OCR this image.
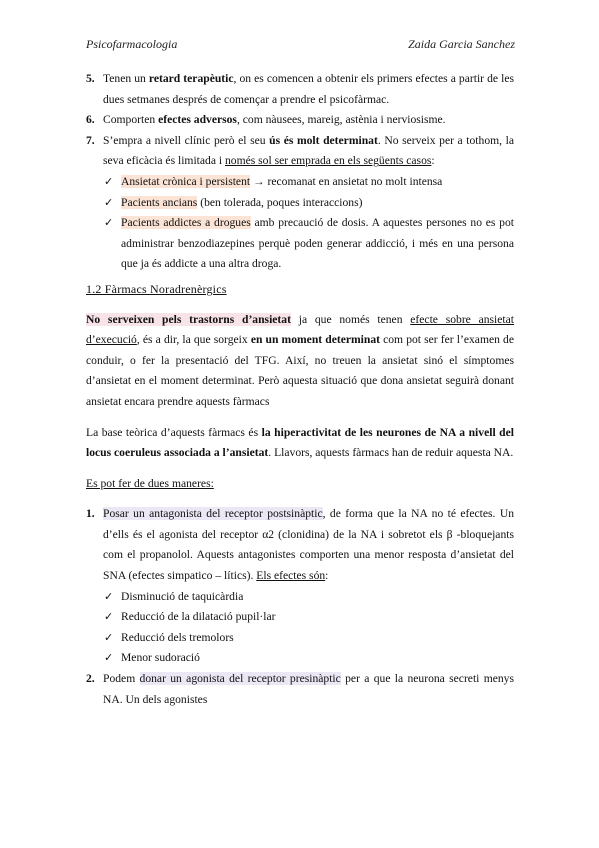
Psicofarmacologia	Zaida Garcia Sanchez
5. Tenen un retard terapèutic, on es comencen a obtenir els primers efectes a partir de les dues setmanes després de començar a prendre el psicofàrmac.
6. Comporten efectes adversos, com nàusees, mareig, astènia i nerviosisme.
7. S’empra a nivell clínic però el seu ús és molt determinat. No serveix per a tothom, la seva eficàcia és limitada i només sol ser emprada en els següents casos:
✓ Ansietat crònica i persistent → recomanat en ansietat no molt intensa
✓ Pacients ancians (ben tolerada, poques interaccions)
✓ Pacients addictes a drogues amb precaució de dosis. A aquestes persones no es pot administrar benzodiazepines perquè poden generar addicció, i més en una persona que ja és addicte a una altra droga.
1.2 Fàrmacs Noradrenèrgics

No serveixen pels trastorns d’ansietat ja que només tenen efecte sobre ansietat d’execució, és a dir, la que sorgeix en un moment determinat com pot ser fer l’examen de conduir, o fer la presentació del TFG. Així, no treuen la ansietat sinó el símptomes d’ansietat en el moment determinat. Però aquesta situació que dona ansietat seguirà donant ansietat encara prendre aquests fàrmacs

La base teòrica d’aquests fàrmacs és la hiperactivitat de les neurones de NA a nivell del locus coeruleus associada a l’ansietat. Llavors, aquests fàrmacs han de reduir aquesta NA.

Es pot fer de dues maneres:

1. Posar un antagonista del receptor postsinàptic, de forma que la NA no té efectes. Un d’ells és el agonista del receptor α2 (clonidina) de la NA i sobretot els β -bloquejants com el propanolol. Aquests antagonistes comporten una menor resposta d’ansietat del SNA (efectes simpatico – lítics). Els efectes són:
✓ Disminució de taquicàrdia
✓ Reducció de la dilatació pupil·lar
✓ Reducció dels tremolors
✓ Menor sudoració
2. Podem donar un agonista del receptor presinàptic per a que la neurona secreti menys NA. Un dels agonistes
